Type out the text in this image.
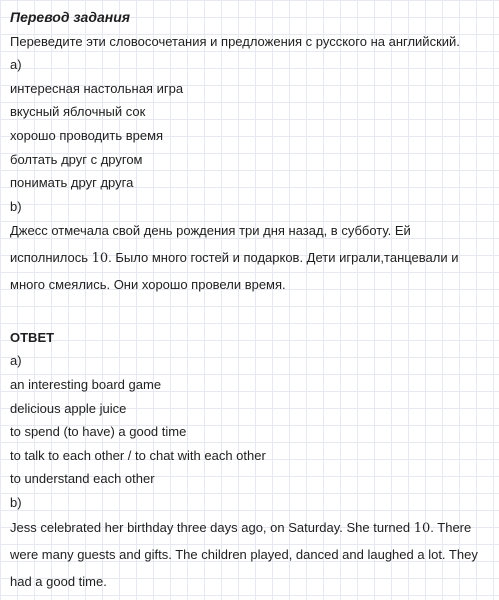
Перевод задания
Переведите эти словосочетания и предложения с русского на английский.
a)
интересная настольная игра
вкусный яблочный сок
хорошо проводить время
болтать друг с другом
понимать друг друга
b)
Джесс отмечала свой день рождения три дня назад, в субботу. Ей исполнилось 10. Было много гостей и подарков. Дети играли,танцевали и много смеялись. Они хорошо провели время.
ОТВЕТ
a)
an interesting board game
delicious apple juice
to spend (to have) a good time
to talk to each other / to chat with each other
to understand each other
b)
Jess celebrated her birthday three days ago, on Saturday. She turned 10. There were many guests and gifts. The children played, danced and laughed a lot. They had a good time.
